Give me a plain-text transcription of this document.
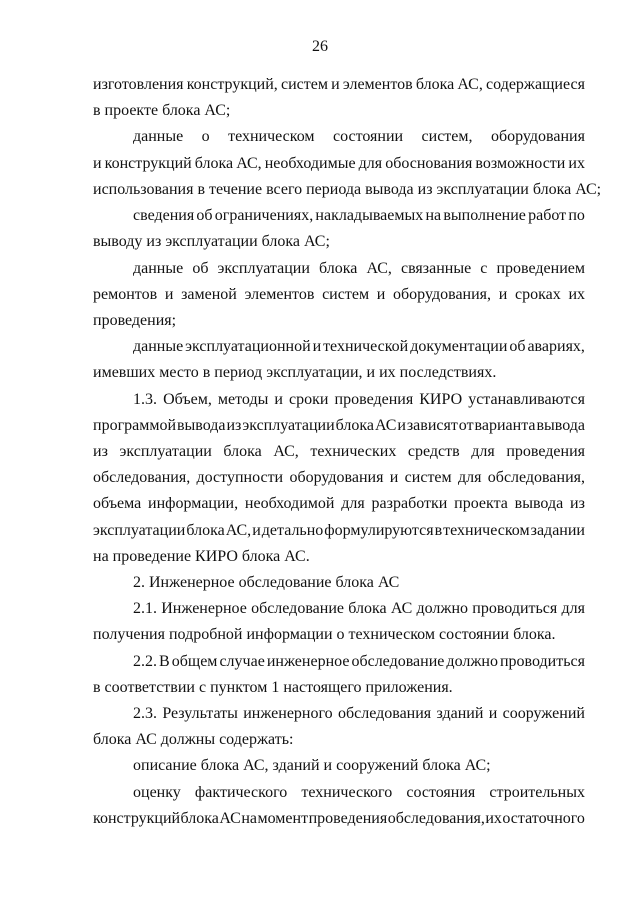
26
изготовления конструкций, систем и элементов блока АС, содержащиеся
в проекте блока АС;
данные о техническом состоянии систем, оборудования
и конструкций блока АС, необходимые для обоснования возможности их
использования в течение всего периода вывода из эксплуатации блока АС;
сведения об ограничениях, накладываемых на выполнение работ по
выводу из эксплуатации блока АС;
данные об эксплуатации блока АС, связанные с проведением
ремонтов и заменой элементов систем и оборудования, и сроках их
проведения;
данные эксплуатационной и технической документации об авариях,
имевших место в период эксплуатации, и их последствиях.
1.3. Объем, методы и сроки проведения КИРО устанавливаются
программой вывода из эксплуатации блока АС и зависят от варианта вывода
из эксплуатации блока АС, технических средств для проведения
обследования, доступности оборудования и систем для обследования,
объема информации, необходимой для разработки проекта вывода из
эксплуатации блока АС, и детально формулируются в техническом задании
на проведение КИРО блока АС.
2. Инженерное обследование блока АС
2.1. Инженерное обследование блока АС должно проводиться для
получения подробной информации о техническом состоянии блока.
2.2. В общем случае инженерное обследование должно проводиться
в соответствии с пунктом 1 настоящего приложения.
2.3. Результаты инженерного обследования зданий и сооружений
блока АС должны содержать:
описание блока АС, зданий и сооружений блока АС;
оценку фактического технического состояния строительных
конструкций блока АС на момент проведения обследования, их остаточного
